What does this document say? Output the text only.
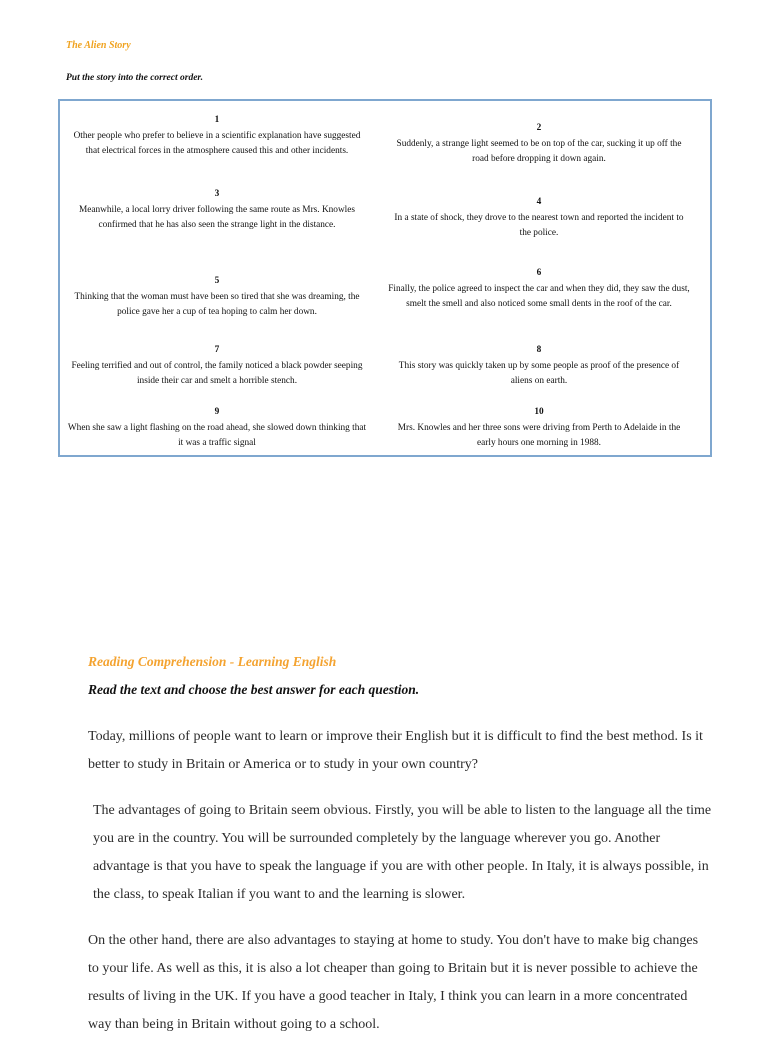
The Alien Story
Put the story into the correct order.
1
Other people who prefer to believe in a scientific explanation have suggested that electrical forces in the atmosphere caused this and other incidents.
2
Suddenly, a strange light seemed to be on top of the car, sucking it up off the road before dropping it down again.
3
Meanwhile, a local lorry driver following the same route as Mrs. Knowles confirmed that he has also seen the strange light in the distance.
4
In a state of shock, they drove to the nearest town and reported the incident to the police.
5
Thinking that the woman must have been so tired that she was dreaming, the police gave her a cup of tea hoping to calm her down.
6
Finally, the police agreed to inspect the car and when they did, they saw the dust, smelt the smell and also noticed some small dents in the roof of the car.
7
Feeling terrified and out of control, the family noticed a black powder seeping inside their car and smelt a horrible stench.
8
This story was quickly taken up by some people as proof of the presence of aliens on earth.
9
When she saw a light flashing on the road ahead, she slowed down thinking that it was a traffic signal
10
Mrs. Knowles and her three sons were driving from Perth to Adelaide in the early hours one morning in 1988.
Reading Comprehension - Learning English
Read the text and choose the best answer for each question.
Today, millions of people want to learn or improve their English but it is difficult to find the best method. Is it better to study in Britain or America or to study in your own country?
The advantages of going to Britain seem obvious. Firstly, you will be able to listen to the language all the time you are in the country. You will be surrounded completely by the language wherever you go. Another advantage is that you have to speak the language if you are with other people. In Italy, it is always possible, in the class, to speak Italian if you want to and the learning is slower.
On the other hand, there are also advantages to staying at home to study. You don't have to make big changes to your life. As well as this, it is also a lot cheaper than going to Britain but it is never possible to achieve the results of living in the UK. If you have a good teacher in Italy, I think you can learn in a more concentrated way than being in Britain without going to a school.
